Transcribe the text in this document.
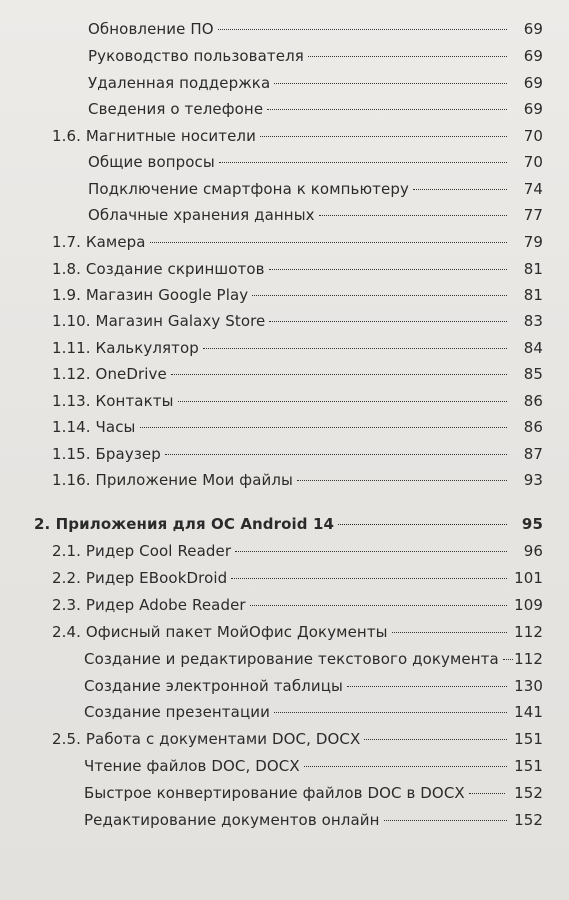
Обновление ПО	69
Руководство пользователя	69
Удаленная поддержка	69
Сведения о телефоне	69
1.6. Магнитные носители	70
Общие вопросы	70
Подключение смартфона к компьютеру	74
Облачные хранения данных	77
1.7. Камера	79
1.8. Создание скриншотов	81
1.9. Магазин Google Play	81
1.10. Магазин Galaxy Store	83
1.11. Калькулятор	84
1.12. OneDrive	85
1.13. Контакты	86
1.14. Часы	86
1.15. Браузер	87
1.16. Приложение Мои файлы	93
2. Приложения для ОС Android 14	95
2.1. Ридер Cool Reader	96
2.2. Ридер EBookDroid	101
2.3. Ридер Adobe Reader	109
2.4. Офисный пакет МойОфис Документы	112
Создание и редактирование текстового документа 112
Создание электронной таблицы	130
Создание презентации	141
2.5. Работа с документами DOC, DOCX	151
Чтение файлов DOC, DOCX	151
Быстрое конвертирование файлов DOC в DOCX	152
Редактирование документов онлайн	152
